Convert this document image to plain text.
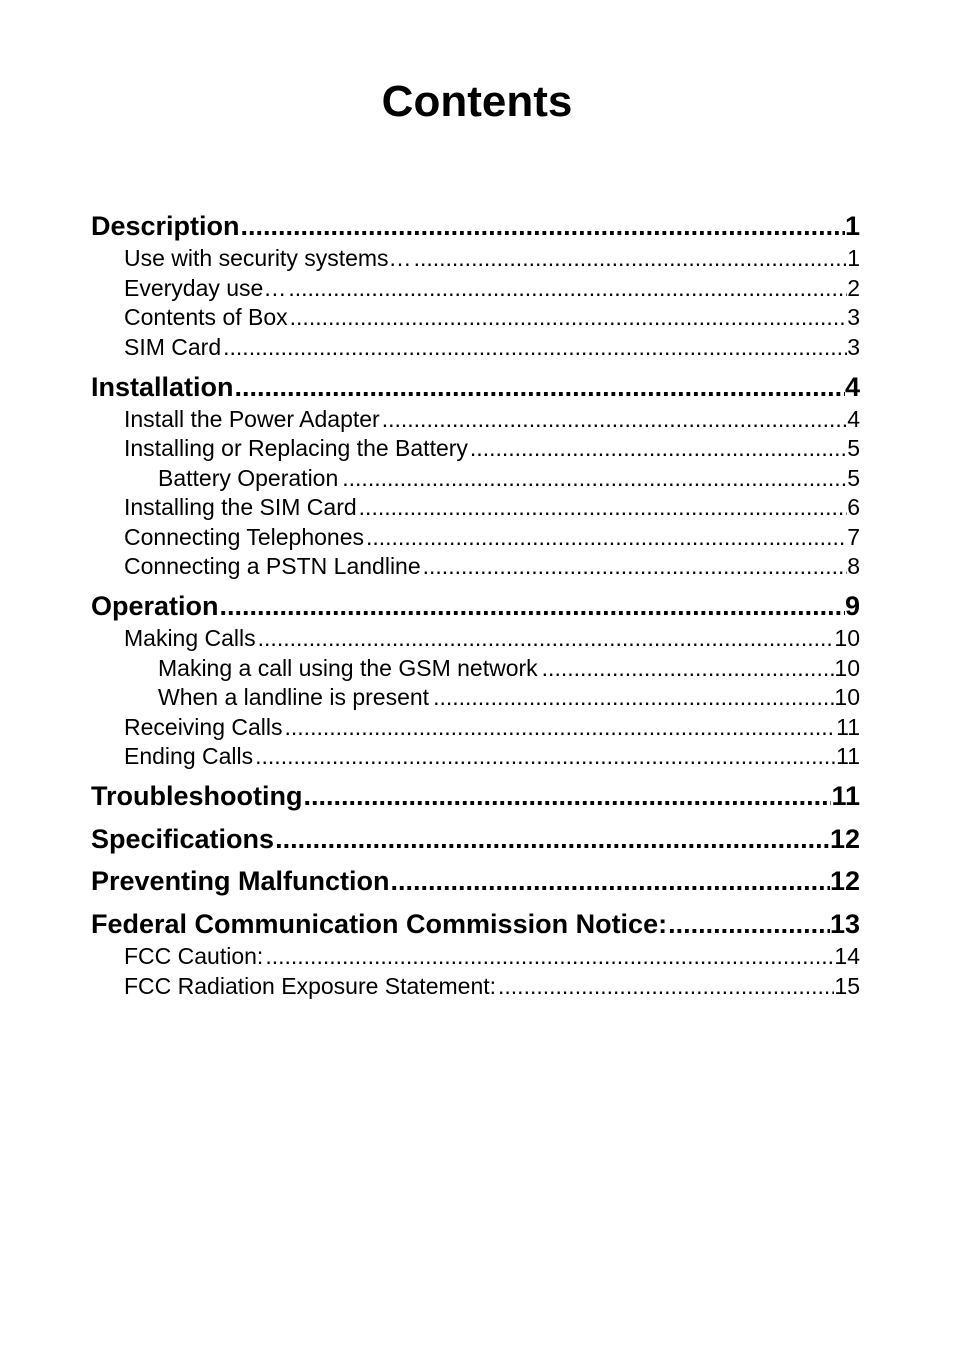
Contents
Description .....	1
Use with security systems… .....	1
Everyday use… .....	2
Contents of Box .....	3
SIM Card .....	3
Installation .....	4
Install the Power Adapter .....	4
Installing or Replacing the Battery .....	5
Battery Operation .....	5
Installing the SIM Card .....	6
Connecting Telephones .....	7
Connecting a PSTN Landline .....	8
Operation .....	9
Making Calls .....	10
Making a call using the GSM network .....	10
When a landline is present .....	10
Receiving Calls .....	11
Ending Calls .....	11
Troubleshooting .....	11
Specifications .....	12
Preventing Malfunction .....	12
Federal Communication Commission Notice: .....	13
FCC Caution: .....	14
FCC Radiation Exposure Statement: .....	15
